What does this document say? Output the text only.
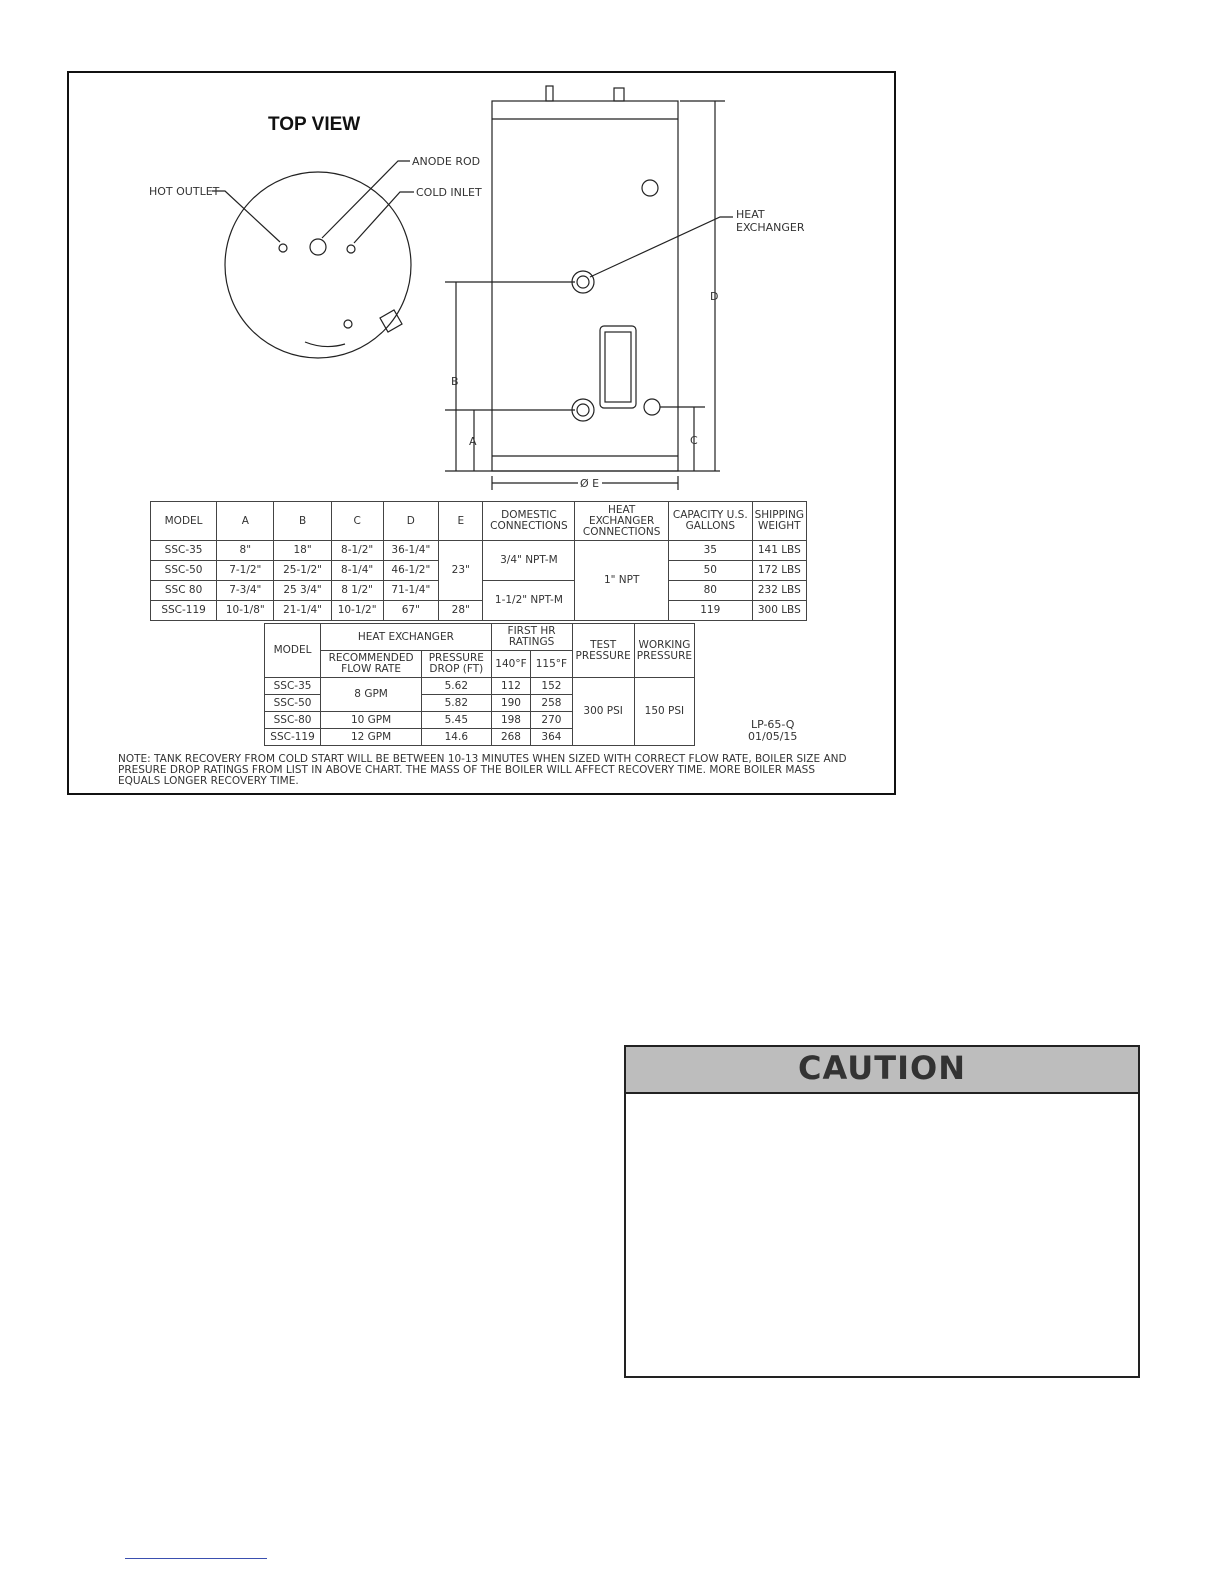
HOT OUTLET
ANODE ROD
COLD INLET
HEAT
EXCHANGER
B
A	C
D
Ø E
TOP VIEW
MODEL	A	B	C	D	E	DOMESTIC CONNECTIONS	HEAT EXCHANGER CONNECTIONS	CAPACITY U.S. GALLONS	SHIPPING WEIGHT
SSC-35	8"	18"	8-1/2"	36-1/4"	23"	3/4" NPT-M	1" NPT	35	141 LBS
SSC-50	7-1/2"	25-1/2"	8-1/4"	46-1/2"				50	172 LBS
SSC 80	7-3/4"	25 3/4"	8 1/2"	71-1/4"		1-1/2" NPT-M		80	232 LBS
SSC-119	10-1/8"	21-1/4"	10-1/2"	67"	28"			119	300 LBS
MODEL	HEAT EXCHANGER		FIRST HR RATINGS		TEST PRESSURE	WORKING PRESSURE
	RECOMMENDED FLOW RATE	PRESSURE DROP (FT)	140°F	115°F		
SSC-35	8 GPM	5.62	112	152	300 PSI	150 PSI
SSC-50		5.82	190	258		
SSC-80	10 GPM	5.45	198	270		
SSC-119	12 GPM	14.6	268	364		
LP-65-Q
01/05/15
NOTE: TANK RECOVERY FROM COLD START WILL BE BETWEEN 10-13 MINUTES WHEN SIZED WITH CORRECT FLOW RATE, BOILER SIZE AND PRESURE DROP RATINGS FROM LIST IN ABOVE CHART. THE MASS OF THE BOILER WILL AFFECT RECOVERY TIME. MORE BOILER MASS EQUALS LONGER RECOVERY TIME.
CAUTION
